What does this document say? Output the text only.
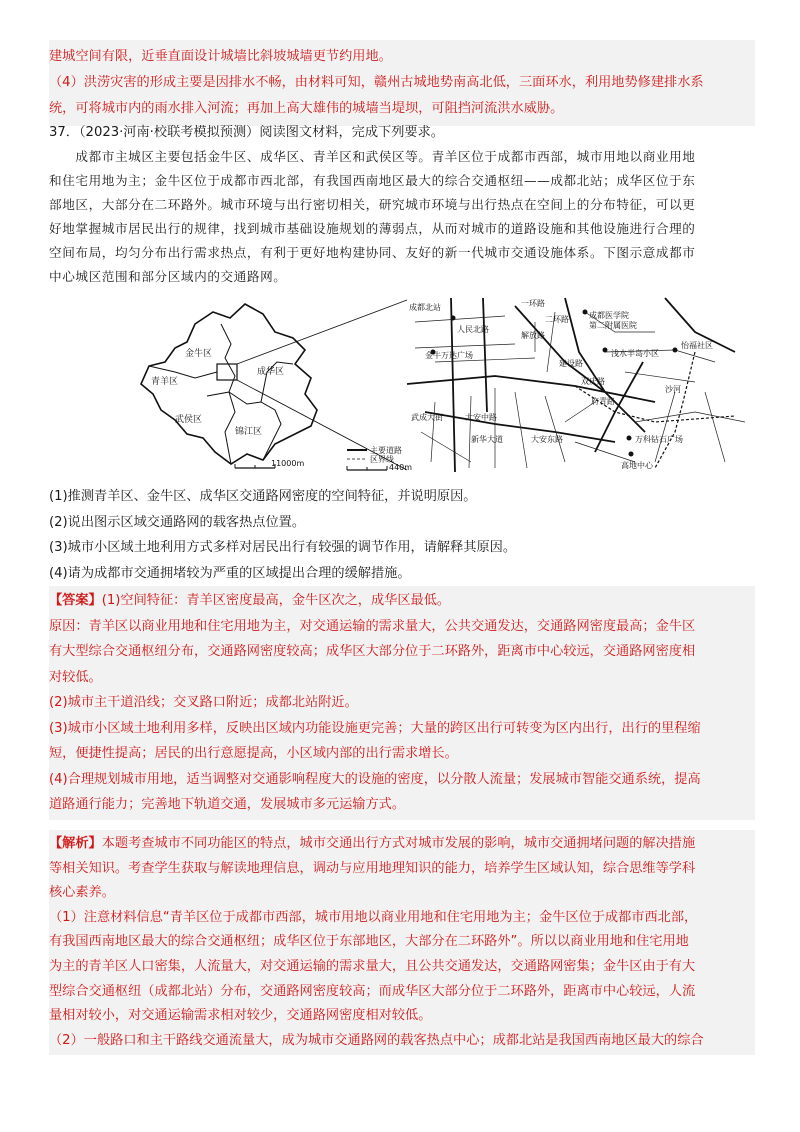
建城空间有限，近垂直面设计城墙比斜坡城墙更节约用地。
（4）洪涝灾害的形成主要是因排水不畅，由材料可知，赣州古城地势南高北低，三面环水，利用地势修建排水系
统，可将城市内的雨水排入河流；再加上高大雄伟的城墙当堤坝，可阻挡河流洪水威胁。
37．（2023·河南·校联考模拟预测）阅读图文材料，完成下列要求。
　　成都市主城区主要包括金牛区、成华区、青羊区和武侯区等。青羊区位于成都市西部，城市用地以商业用地
和住宅用地为主；金牛区位于成都市西北部，有我国西南地区最大的综合交通枢纽——成都北站；成华区位于东
部地区，大部分在二环路外。城市环境与出行密切相关，研究城市环境与出行热点在空间上的分布特征，可以更
好地掌握城市居民出行的规律，找到城市基础设施规划的薄弱点，从而对城市的道路设施和其他设施进行合理的
空间布局，均匀分布出行需求热点，有利于更好地构建协同、友好的新一代城市交通设施体系。下图示意成都市
中心城区范围和部分区域内的交通路网。
金牛区
青羊区
成华区
武侯区
锦江区
11000m
成都北站	一环路
成都医学院
第二附属医院
金牛万达广场	浅水半岛小区
怡福社区
人民北路
解放路
建设路
双庆路
府青路
新华大道
武成大街	大安中路
大安东路
沙河
万科钻石广场
高地中心
二环路
主要道路
区界线
440m
(1)推测青羊区、金牛区、成华区交通路网密度的空间特征，并说明原因。
(2)说出图示区域交通路网的载客热点位置。
(3)城市小区域土地利用方式多样对居民出行有较强的调节作用，请解释其原因。
(4)请为成都市交通拥堵较为严重的区域提出合理的缓解措施。
【答案】(1)空间特征：青羊区密度最高，金牛区次之，成华区最低。
原因：青羊区以商业用地和住宅用地为主，对交通运输的需求量大，公共交通发达，交通路网密度最高；金牛区
有大型综合交通枢纽分布，交通路网密度较高；成华区大部分位于二环路外，距离市中心较远，交通路网密度相
对较低。
(2)城市主干道沿线；交叉路口附近；成都北站附近。
(3)城市小区域土地利用多样，反映出区域内功能设施更完善；大量的跨区出行可转变为区内出行，出行的里程缩
短，便捷性提高；居民的出行意愿提高，小区域内部的出行需求增长。
(4)合理规划城市用地，适当调整对交通影响程度大的设施的密度，以分散人流量；发展城市智能交通系统，提高
道路通行能力；完善地下轨道交通，发展城市多元运输方式。
【解析】本题考查城市不同功能区的特点，城市交通出行方式对城市发展的影响，城市交通拥堵问题的解决措施
等相关知识。考查学生获取与解读地理信息，调动与应用地理知识的能力，培养学生区域认知，综合思维等学科
核心素养。
（1）注意材料信息“青羊区位于成都市西部，城市用地以商业用地和住宅用地为主；金牛区位于成都市西北部，
有我国西南地区最大的综合交通枢纽；成华区位于东部地区，大部分在二环路外”。所以以商业用地和住宅用地
为主的青羊区人口密集，人流量大，对交通运输的需求量大，且公共交通发达，交通路网密集；金牛区由于有大
型综合交通枢纽（成都北站）分布，交通路网密度较高；而成华区大部分位于二环路外，距离市中心较远，人流
量相对较小，对交通运输需求相对较少，交通路网密度相对较低。
（2）一般路口和主干路线交通流量大，成为城市交通路网的载客热点中心；成都北站是我国西南地区最大的综合
